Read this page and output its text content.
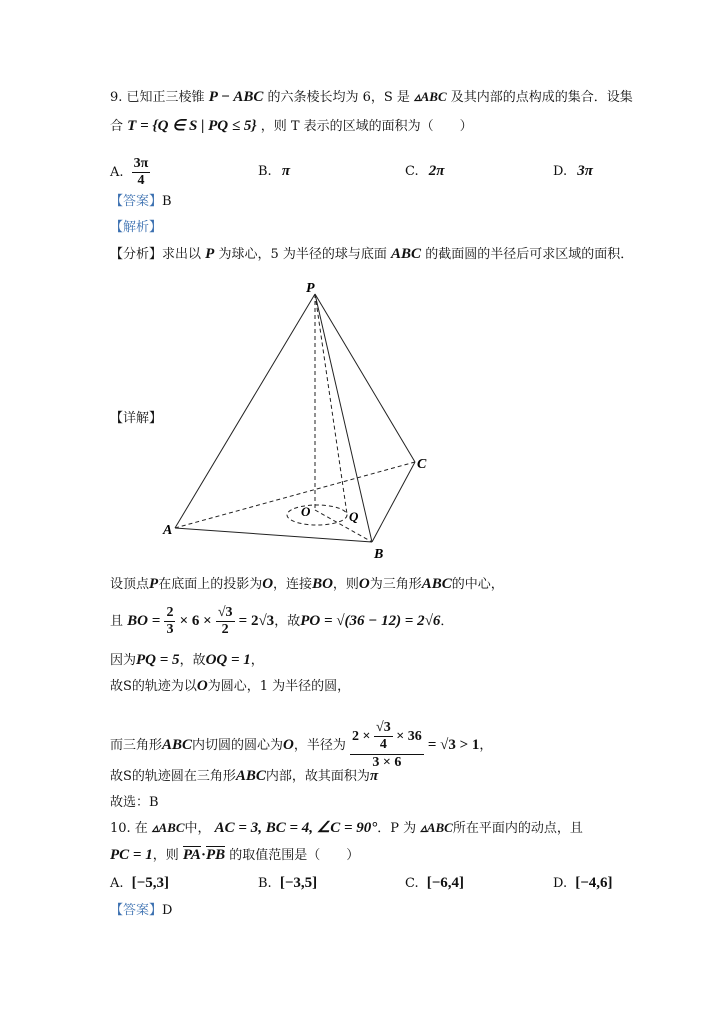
9. 已知正三棱锥 P − ABC 的六条棱长均为 6，S 是 ▵ABC 及其内部的点构成的集合．设集
合 T = {Q ∈ S | PQ ≤ 5} ，则 T 表示的区域的面积为（　　）
A. $\frac{3\pi}{4}$	B. π	C. 2π	D. 3π
【答案】B
【解析】
【分析】求出以 P 为球心，5 为半径的球与底面 ABC 的截面圆的半径后可求区域的面积．
【详解】
P
A
B
C
O	Q
设顶点P在底面上的投影为O，连接BO，则O为三角形ABC的中心，
且 BO = $\frac{2}{3} \times 6 \times \frac{√3}{2} = 2√3$，故PO = √(36 − 12) = 2√6．
因为PQ = 5，故OQ = 1，
故S的轨迹为以O为圆心，1 为半径的圆，
而三角形ABC内切圆的圆心为O，半径为 $\frac{2 \times \frac{√3}{4} \times 36}{3 \times 6} = √3 > 1$，
故S的轨迹圆在三角形ABC内部，故其面积为π
故选：B
10. 在 ▵ABC中， AC = 3, BC = 4, ∠C = 90°．P 为 ▵ABC所在平面内的动点，且
PC = 1，则 PA·PB 的取值范围是（　　）
A. [−5,3]	B. [−3,5]	C. [−6,4]	D. [−4,6]
【答案】D
